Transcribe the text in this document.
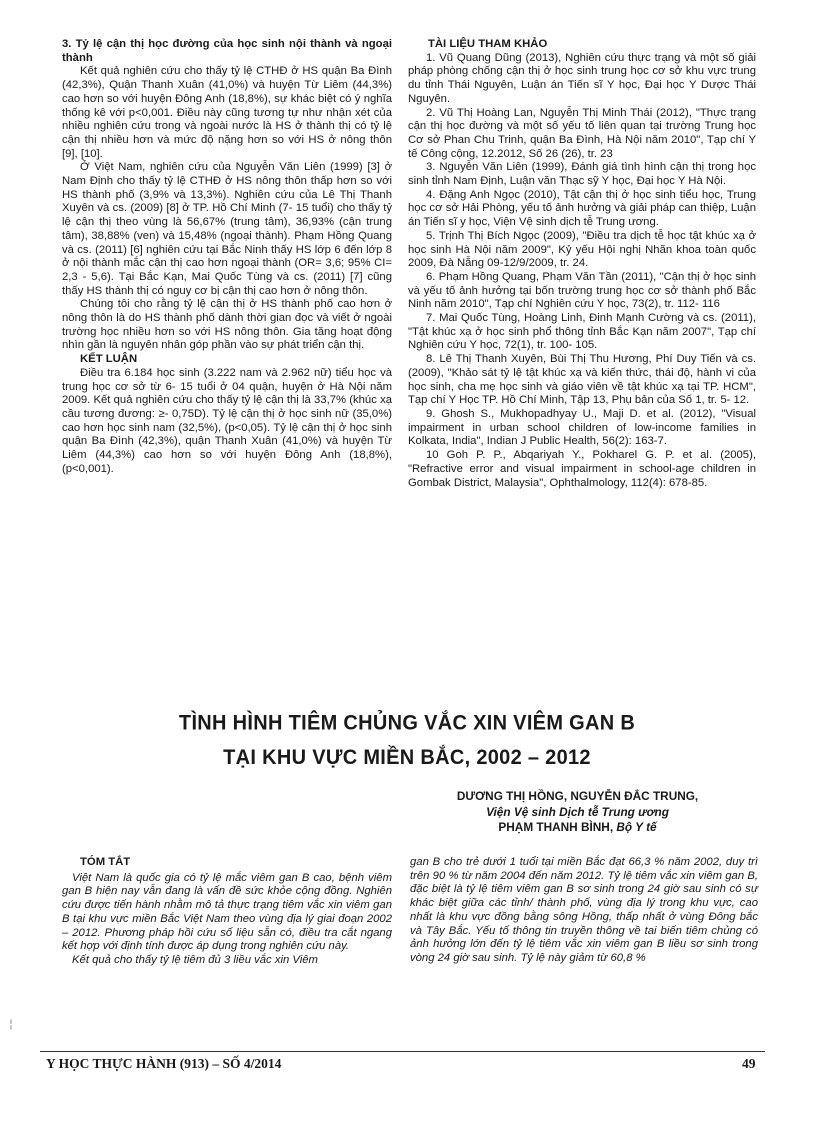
3. Tỷ lệ cận thị học đường của học sinh nội thành và ngoại thành

Kết quả nghiên cứu cho thấy tỷ lệ CTHĐ ở HS quận Ba Đình (42,3%), Quận Thanh Xuân (41,0%) và huyện Từ Liêm (44,3%) cao hơn so với huyện Đông Anh (18,8%), sự khác biệt có ý nghĩa thống kê với p<0,001. Điều này cũng tương tự như nhận xét của nhiều nghiên cứu trong và ngoài nước là HS ở thành thị có tỷ lệ cận thị nhiều hơn và mức độ nặng hơn so với HS ở nông thôn [9], [10].

Ở Việt Nam, nghiên cứu của Nguyễn Văn Liên (1999) [3] ở Nam Định cho thấy tỷ lệ CTHĐ ở HS nông thôn thấp hơn so với HS thành phố (3,9% và 13,3%). Nghiên cứu của Lê Thị Thanh Xuyên và cs. (2009) [8] ở TP. Hồ Chí Minh (7- 15 tuổi) cho thấy tỷ lệ cận thị theo vùng là 56,67% (trung tâm), 36,93% (cận trung tâm), 38,88% (ven) và 15,48% (ngoại thành). Phạm Hồng Quang và cs. (2011) [6] nghiên cứu tại Bắc Ninh thấy HS lớp 6 đến lớp 8 ở nội thành mắc cận thị cao hơn ngoại thành (OR= 3,6; 95% CI= 2,3 - 5,6). Tại Bắc Kạn, Mai Quốc Tùng và cs. (2011) [7] cũng thấy HS thành thị có nguy cơ bị cận thị cao hơn ở nông thôn.

Chúng tôi cho rằng tỷ lệ cận thị ở HS thành phố cao hơn ở nông thôn là do HS thành phố dành thời gian đọc và viết ở ngoài trường học nhiều hơn so với HS nông thôn. Gia tăng hoạt động nhìn gần là nguyên nhân góp phần vào sự phát triển cận thị.

KẾT LUẬN

Điều tra 6.184 học sinh (3.222 nam và 2.962 nữ) tiểu học và trung học cơ sở từ 6- 15 tuổi ở 04 quận, huyện ở Hà Nội năm 2009. Kết quả nghiên cứu cho thấy tỷ lệ cận thị là 33,7% (khúc xạ cầu tương đương: ≥- 0,75D). Tỷ lệ cận thị ở học sinh nữ (35,0%) cao hơn học sinh nam (32,5%), (p<0,05). Tỷ lệ cận thị ở học sinh quận Ba Đình (42,3%), quận Thanh Xuân (41,0%) và huyện Từ Liêm (44,3%) cao hơn so với huyện Đông Anh (18,8%), (p<0,001).

TÀI LIỆU THAM KHẢO

1. Vũ Quang Dũng (2013), Nghiên cứu thực trạng và một số giải pháp phòng chống cận thị ở học sinh trung học cơ sở khu vực trung du tỉnh Thái Nguyên, Luận án Tiến sĩ Y học, Đại học Y Dược Thái Nguyên.

2. Vũ Thị Hoàng Lan, Nguyễn Thị Minh Thái (2012), "Thực trạng cận thị học đường và một số yếu tố liên quan tại trường Trung học Cơ sở Phan Chu Trinh, quận Ba Đình, Hà Nội năm 2010", Tạp chí Y tế Công cộng, 12.2012, Số 26 (26), tr. 23

3. Nguyễn Văn Liên (1999), Đánh giá tình hình cận thị trong học sinh tỉnh Nam Định, Luận văn Thạc sỹ Y học, Đại học Y Hà Nội.

4. Đặng Anh Ngọc (2010), Tật cận thị ở học sinh tiểu học, Trung học cơ sở Hải Phòng, yếu tố ảnh hưởng và giải pháp can thiệp, Luận án Tiến sĩ y học, Viện Vệ sinh dịch tễ Trung ương.

5. Trịnh Thị Bích Ngọc (2009), "Điều tra dịch tễ học tật khúc xạ ở học sinh Hà Nội năm 2009", Kỷ yếu Hội nghị Nhãn khoa toàn quốc 2009, Đà Nẵng 09-12/9/2009, tr. 24.

6. Phạm Hồng Quang, Phạm Văn Tần (2011), "Cận thị ở học sinh và yếu tố ảnh hưởng tại bốn trường trung học cơ sở thành phố Bắc Ninh năm 2010", Tạp chí Nghiên cứu Y học, 73(2), tr. 112- 116

7. Mai Quốc Tùng, Hoàng Linh, Đinh Mạnh Cường và cs. (2011), "Tật khúc xạ ở học sinh phổ thông tỉnh Bắc Kạn năm 2007", Tạp chí Nghiên cứu Y học, 72(1), tr. 100- 105.

8. Lê Thị Thanh Xuyên, Bùi Thị Thu Hương, Phí Duy Tiến và cs. (2009), "Khảo sát tỷ lệ tật khúc xạ và kiến thức, thái độ, hành vi của học sinh, cha mẹ học sinh và giáo viên về tật khúc xạ tại TP. HCM", Tạp chí Y Học TP. Hồ Chí Minh, Tập 13, Phụ bản của Số 1, tr. 5- 12.

9. Ghosh S., Mukhopadhyay U., Maji D. et al. (2012), "Visual impairment in urban school children of low-income families in Kolkata, India", Indian J Public Health, 56(2): 163-7.

10 Goh P. P., Abqariyah Y., Pokharel G. P. et al. (2005), "Refractive error and visual impairment in school-age children in Gombak District, Malaysia", Ophthalmology, 112(4): 678-85.

TÌNH HÌNH TIÊM CHỦNG VẮC XIN VIÊM GAN B
TẠI KHU VỰC MIỀN BẮC, 2002 – 2012
DƯƠNG THỊ HỒNG, NGUYỄN ĐẮC TRUNG,
Viện Vệ sinh Dịch tễ Trung ương
PHẠM THANH BÌNH, Bộ Y tế

TÓM TẮT

Việt Nam là quốc gia có tỷ lệ mắc viêm gan B cao, bệnh viêm gan B hiện nay vẫn đang là vấn đề sức khỏe cộng đồng. Nghiên cứu được tiến hành nhằm mô tả thực trạng tiêm vắc xin viêm gan B tại khu vực miền Bắc Việt Nam theo vùng địa lý giai đoạn 2002 – 2012. Phương pháp hồi cứu số liệu sẵn có, điều tra cắt ngang kết hợp với định tính được áp dụng trong nghiên cứu này.

Kết quả cho thấy tỷ lệ tiêm đủ 3 liều vắc xin Viêm

gan B cho trẻ dưới 1 tuổi tại miền Bắc đạt 66,3 % năm 2002, duy trì trên 90 % từ năm 2004 đến năm 2012. Tỷ lệ tiêm vắc xin viêm gan B, đặc biệt là tỷ lệ tiêm viêm gan B sơ sinh trong 24 giờ sau sinh có sự khác biệt giữa các tỉnh/ thành phố, vùng địa lý trong khu vực, cao nhất là khu vực đồng bằng sông Hồng, thấp nhất ở vùng Đông bắc và Tây Bắc. Yếu tố thông tin truyền thông về tai biến tiêm chủng có ảnh hưởng lớn đến tỷ lệ tiêm vắc xin viêm gan B liều sơ sinh trong vòng 24 giờ sau sinh. Tỷ lệ này giảm từ 60,8 %

╎
Y HỌC THỰC HÀNH (913) – SỐ 4/2014	49
